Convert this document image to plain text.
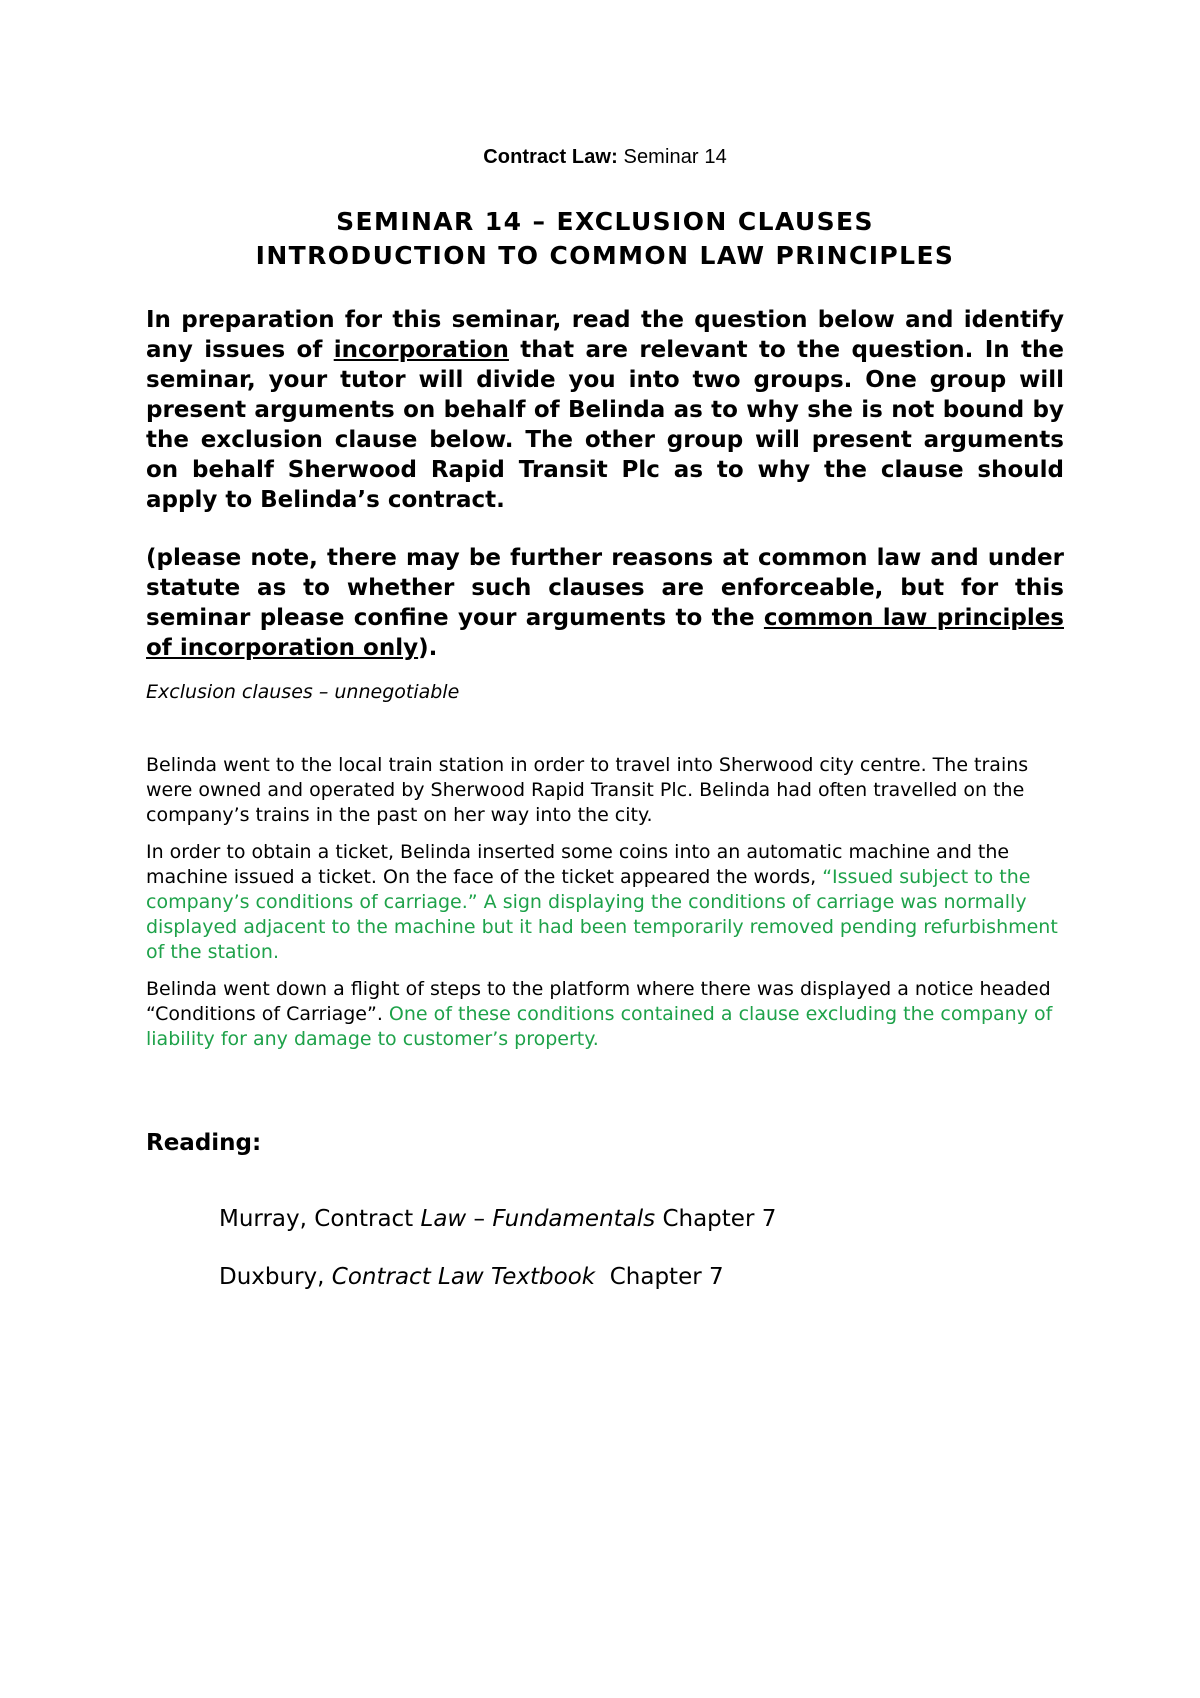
Contract Law: Seminar 14
SEMINAR 14 – EXCLUSION CLAUSES
INTRODUCTION TO COMMON LAW PRINCIPLES

In preparation for this seminar, read the question below and identify any issues of incorporation that are relevant to the question. In the seminar, your tutor will divide you into two groups. One group will present arguments on behalf of Belinda as to why she is not bound by the exclusion clause below. The other group will present arguments on behalf Sherwood Rapid Transit Plc as to why the clause should apply to Belinda’s contract.

(please note, there may be further reasons at common law and under statute as to whether such clauses are enforceable, but for this seminar please confine your arguments to the common law principles of incorporation only).

Exclusion clauses – unnegotiable

Belinda went to the local train station in order to travel into Sherwood city centre. The trains were owned and operated by Sherwood Rapid Transit Plc. Belinda had often travelled on the company’s trains in the past on her way into the city.

In order to obtain a ticket, Belinda inserted some coins into an automatic machine and the machine issued a ticket. On the face of the ticket appeared the words, “Issued subject to the company’s conditions of carriage.” A sign displaying the conditions of carriage was normally displayed adjacent to the machine but it had been temporarily removed pending refurbishment of the station.

Belinda went down a flight of steps to the platform where there was displayed a notice headed “Conditions of Carriage”. One of these conditions contained a clause excluding the company of liability for any damage to customer’s property.

Reading:

Murray, Contract Law – Fundamentals Chapter 7

Duxbury, Contract Law Textbook  Chapter 7
